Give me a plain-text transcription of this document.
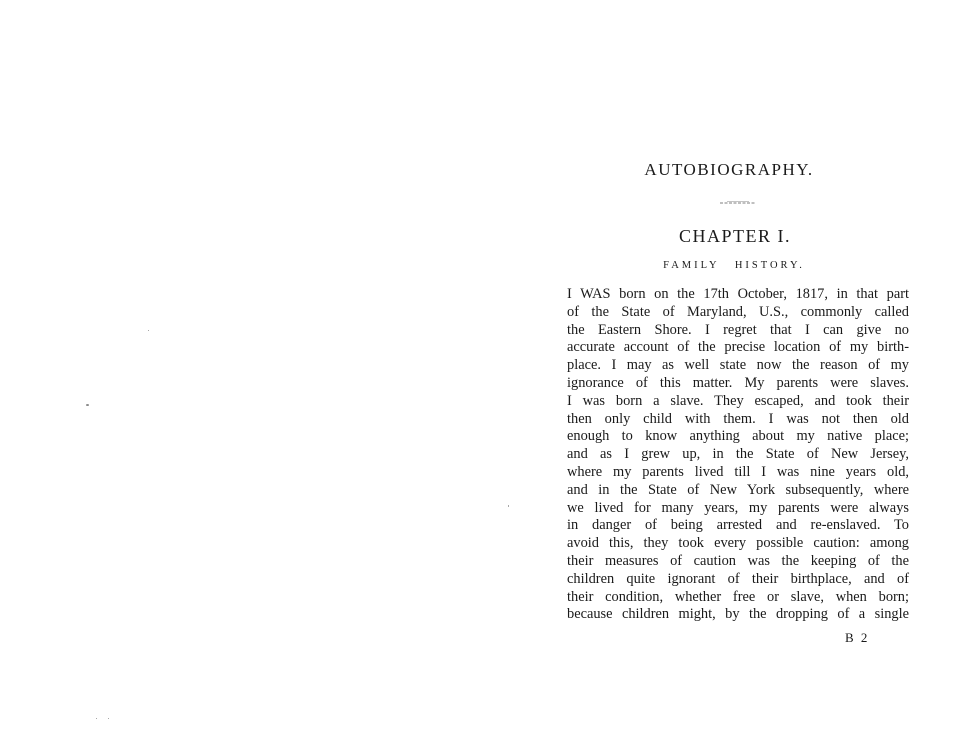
AUTOBIOGRAPHY.
CHAPTER I.
FAMILY HISTORY.
I WAS born on the 17th October, 1817, in that part
of the State of Maryland, U.S., commonly called
the Eastern Shore. I regret that I can give no
accurate account of the precise location of my birth-
place. I may as well state now the reason of my
ignorance of this matter. My parents were slaves.
I was born a slave. They escaped, and took their
then only child with them. I was not then old
enough to know anything about my native place;
and as I grew up, in the State of New Jersey,
where my parents lived till I was nine years old,
and in the State of New York subsequently, where
we lived for many years, my parents were always
in danger of being arrested and re-enslaved. To
avoid this, they took every possible caution: among
their measures of caution was the keeping of the
children quite ignorant of their birthplace, and of
their condition, whether free or slave, when born;
because children might, by the dropping of a single
B 2
